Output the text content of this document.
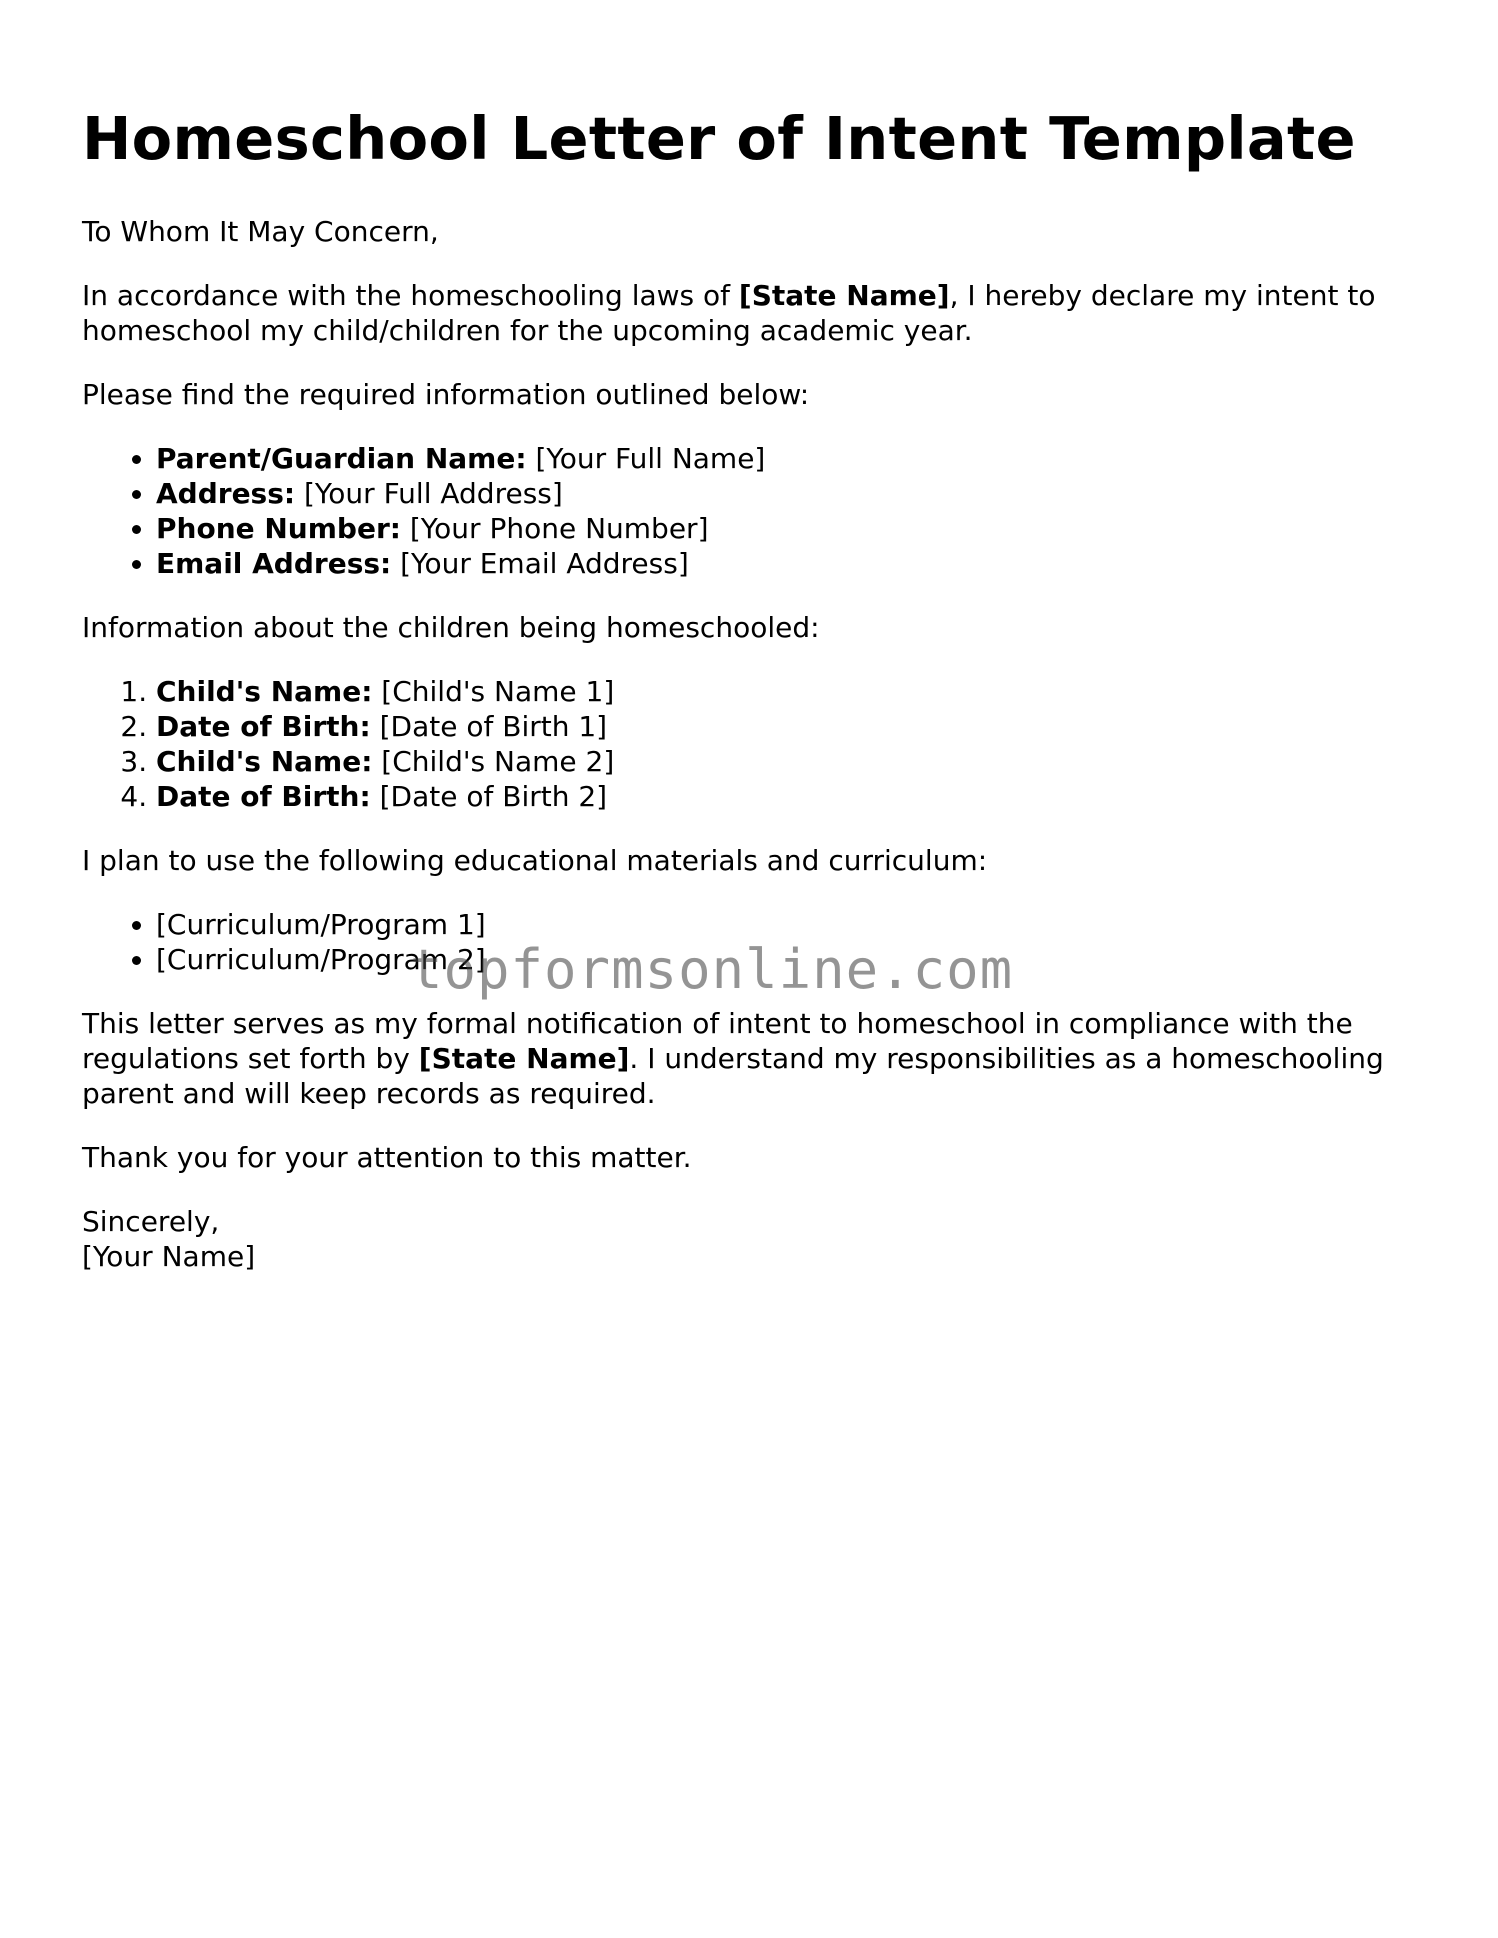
Homeschool Letter of Intent Template

To Whom It May Concern,

In accordance with the homeschooling laws of [State Name], I hereby declare my intent to homeschool my child/children for the upcoming academic year.

Please find the required information outlined below:

• Parent/Guardian Name: [Your Full Name]
• Address: [Your Full Address]
• Phone Number: [Your Phone Number]
• Email Address: [Your Email Address]

Information about the children being homeschooled:

1. Child's Name: [Child's Name 1]
2. Date of Birth: [Date of Birth 1]
3. Child's Name: [Child's Name 2]
4. Date of Birth: [Date of Birth 2]

I plan to use the following educational materials and curriculum:

• [Curriculum/Program 1]
• [Curriculum/Program 2]

This letter serves as my formal notification of intent to homeschool in compliance with the regulations set forth by [State Name]. I understand my responsibilities as a homeschooling parent and will keep records as required.

Thank you for your attention to this matter.

Sincerely,

[Your Name]

topformsonline.com
